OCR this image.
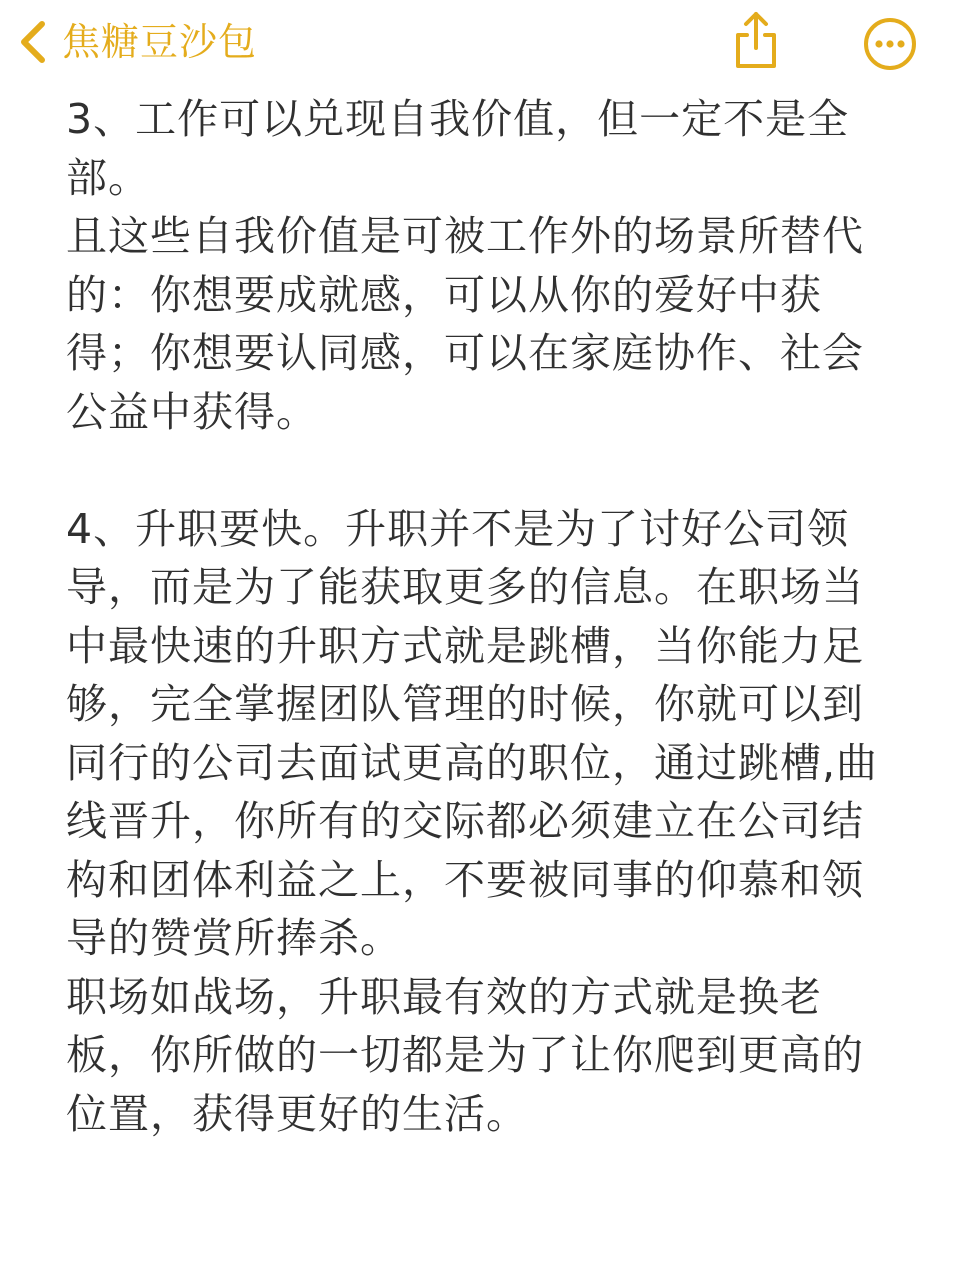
焦糖豆沙包
3、工作可以兑现自我价值，但一定不是全
部。
且这些自我价值是可被工作外的场景所替代
的：你想要成就感，可以从你的爱好中获
得；你想要认同感，可以在家庭协作、社会
公益中获得。
4、升职要快。升职并不是为了讨好公司领
导，而是为了能获取更多的信息。在职场当
中最快速的升职方式就是跳槽，当你能力足
够，完全掌握团队管理的时候，你就可以到
同行的公司去面试更高的职位，通过跳槽,曲
线晋升，你所有的交际都必须建立在公司结
构和团体利益之上，不要被同事的仰慕和领
导的赞赏所捧杀。
职场如战场，升职最有效的方式就是换老
板，你所做的一切都是为了让你爬到更高的
位置，获得更好的生活。
